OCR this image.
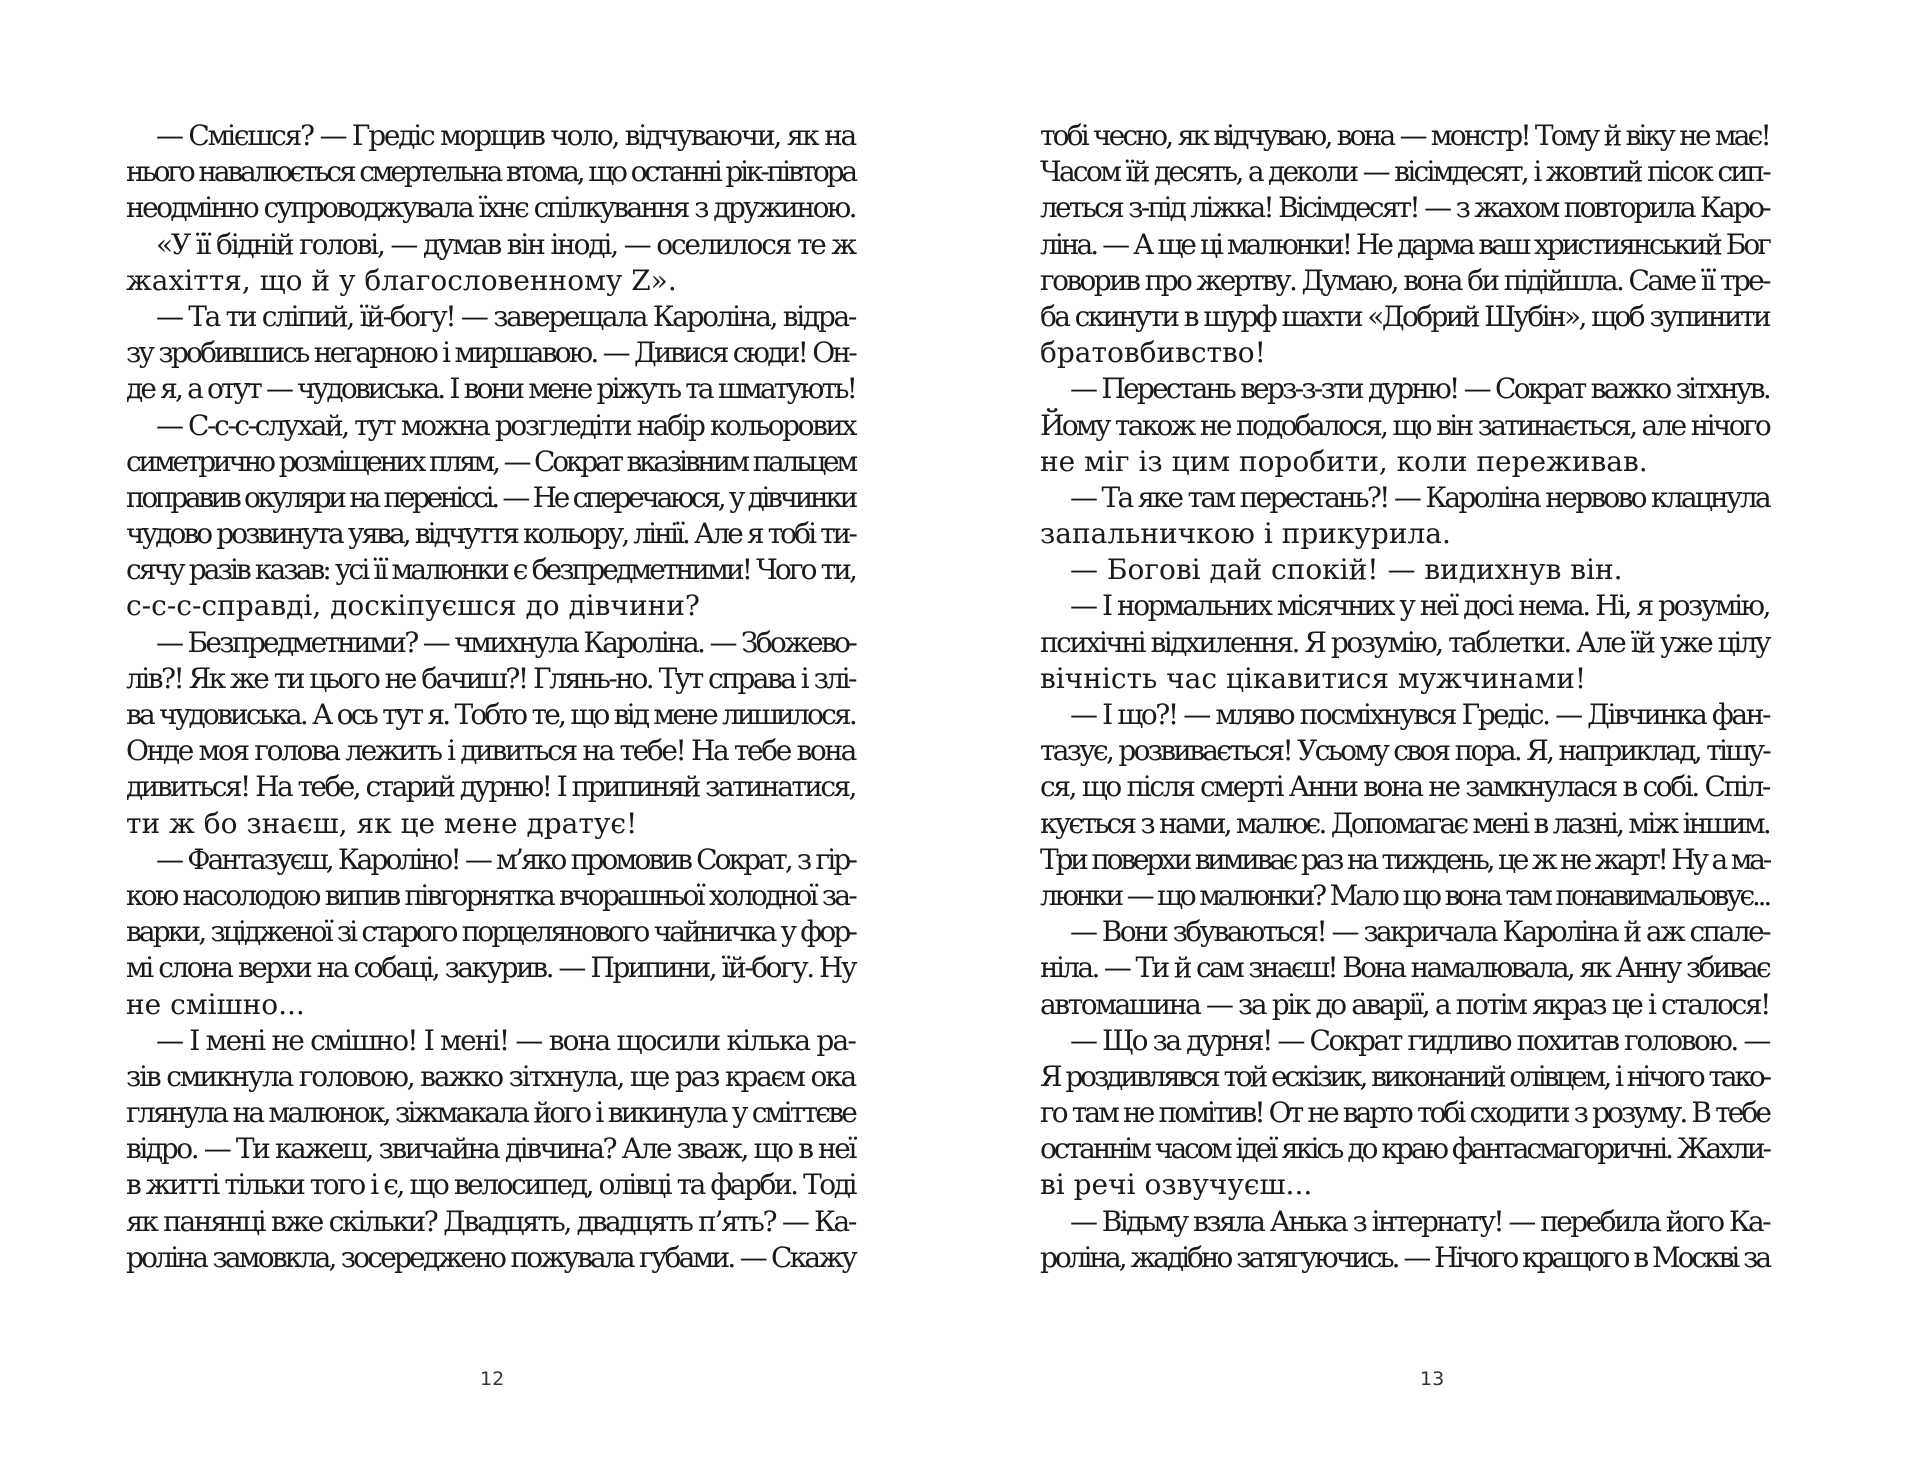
— Смієшся? — Гредіс морщив чоло, відчуваючи, як на
нього навалюється смертельна втома, що останні рік-півтора
неодмінно супроводжувала їхнє спілкування з дружиною.
«У її бідній голові, — думав він іноді, — оселилося те ж
жахіття, що й у благословенному Z».
— Та ти сліпий, їй-богу! — заверещала Кароліна, відра-
зу зробившись негарною і миршавою. — Дивися сюди! Он-
де я, а отут — чудовиська. І вони мене ріжуть та шматують!
— С-с-с-слухай, тут можна розгледіти набір кольорових
симетрично розміщених плям, — Сократ вказівним пальцем
поправив окуляри на переніссі. — Не сперечаюся, у дівчинки
чудово розвинута уява, відчуття кольору, лінії. Але я тобі ти-
сячу разів казав: усі її малюнки є безпредметними! Чого ти,
с-с-с-справді, доскіпуєшся до дівчини?
— Безпредметними? — чмихнула Кароліна. — Збожево-
лів?! Як же ти цього не бачиш?! Глянь-но. Тут справа і злі-
ва чудовиська. А ось тут я. Тобто те, що від мене лишилося.
Онде моя голова лежить і дивиться на тебе! На тебе вона
дивиться! На тебе, старий дурню! І припиняй затинатися,
ти ж бо знаєш, як це мене дратує!
— Фантазуєш, Кароліно! — м’яко промовив Сократ, з гір-
кою насолодою випив півгорнятка вчорашньої холодної за-
варки, зцідженої зі старого порцелянового чайничка у фор-
мі слона верхи на собаці, закурив. — Припини, їй-богу. Ну
не смішно...
— І мені не смішно! І мені! — вона щосили кілька ра-
зів смикнула головою, важко зітхнула, ще раз краєм ока
глянула на малюнок, зіжмакала його і викинула у сміттєве
відро. — Ти кажеш, звичайна дівчина? Але зваж, що в неї
в житті тільки того і є, що велосипед, олівці та фарби. Тоді
як панянці вже скільки? Двадцять, двадцять п’ять? — Ка-
роліна замовкла, зосереджено пожувала губами. — Скажу
12
тобі чесно, як відчуваю, вона — монстр! Тому й віку не має!
Часом їй десять, а деколи — вісімдесят, і жовтий пісок сип-
леться з-під ліжка! Вісімдесят! — з жахом повторила Каро-
ліна. — А ще ці малюнки! Не дарма ваш християнський Бог
говорив про жертву. Думаю, вона би підійшла. Саме її тре-
ба скинути в шурф шахти «Добрий Шубін», щоб зупинити
братовбивство!
— Перестань верз-з-зти дурню! — Сократ важко зітхнув.
Йому також не подобалося, що він затинається, але нічого
не міг із цим поробити, коли переживав.
— Та яке там перестань?! — Кароліна нервово клацнула
запальничкою і прикурила.
— Богові дай спокій! — видихнув він.
— І нормальних місячних у неї досі нема. Ні, я розумію,
психічні відхилення. Я розумію, таблетки. Але їй уже цілу
вічність час цікавитися мужчинами!
— І що?! — мляво посміхнувся Гредіс. — Дівчинка фан-
тазує, розвивається! Усьому своя пора. Я, наприклад, тішу-
ся, що після смерті Анни вона не замкнулася в собі. Спіл-
кується з нами, малює. Допомагає мені в лазні, між іншим.
Три поверхи вимиває раз на тиждень, це ж не жарт! Ну а ма-
люнки — що малюнки? Мало що вона там понавимальовує...
— Вони збуваються! — закричала Кароліна й аж спале-
ніла. — Ти й сам знаєш! Вона намалювала, як Анну збиває
автомашина — за рік до аварії, а потім якраз це і сталося!
— Що за дурня! — Сократ гидливо похитав головою. —
Я роздивлявся той ескізик, виконаний олівцем, і нічого тако-
го там не помітив! От не варто тобі сходити з розуму. В тебе
останнім часом ідеї якісь до краю фантасмагоричні. Жахли-
ві речі озвучуєш...
— Відьму взяла Анька з інтернату! — перебила його Ка-
роліна, жадібно затягуючись. — Нічого кращого в Москві за
13
